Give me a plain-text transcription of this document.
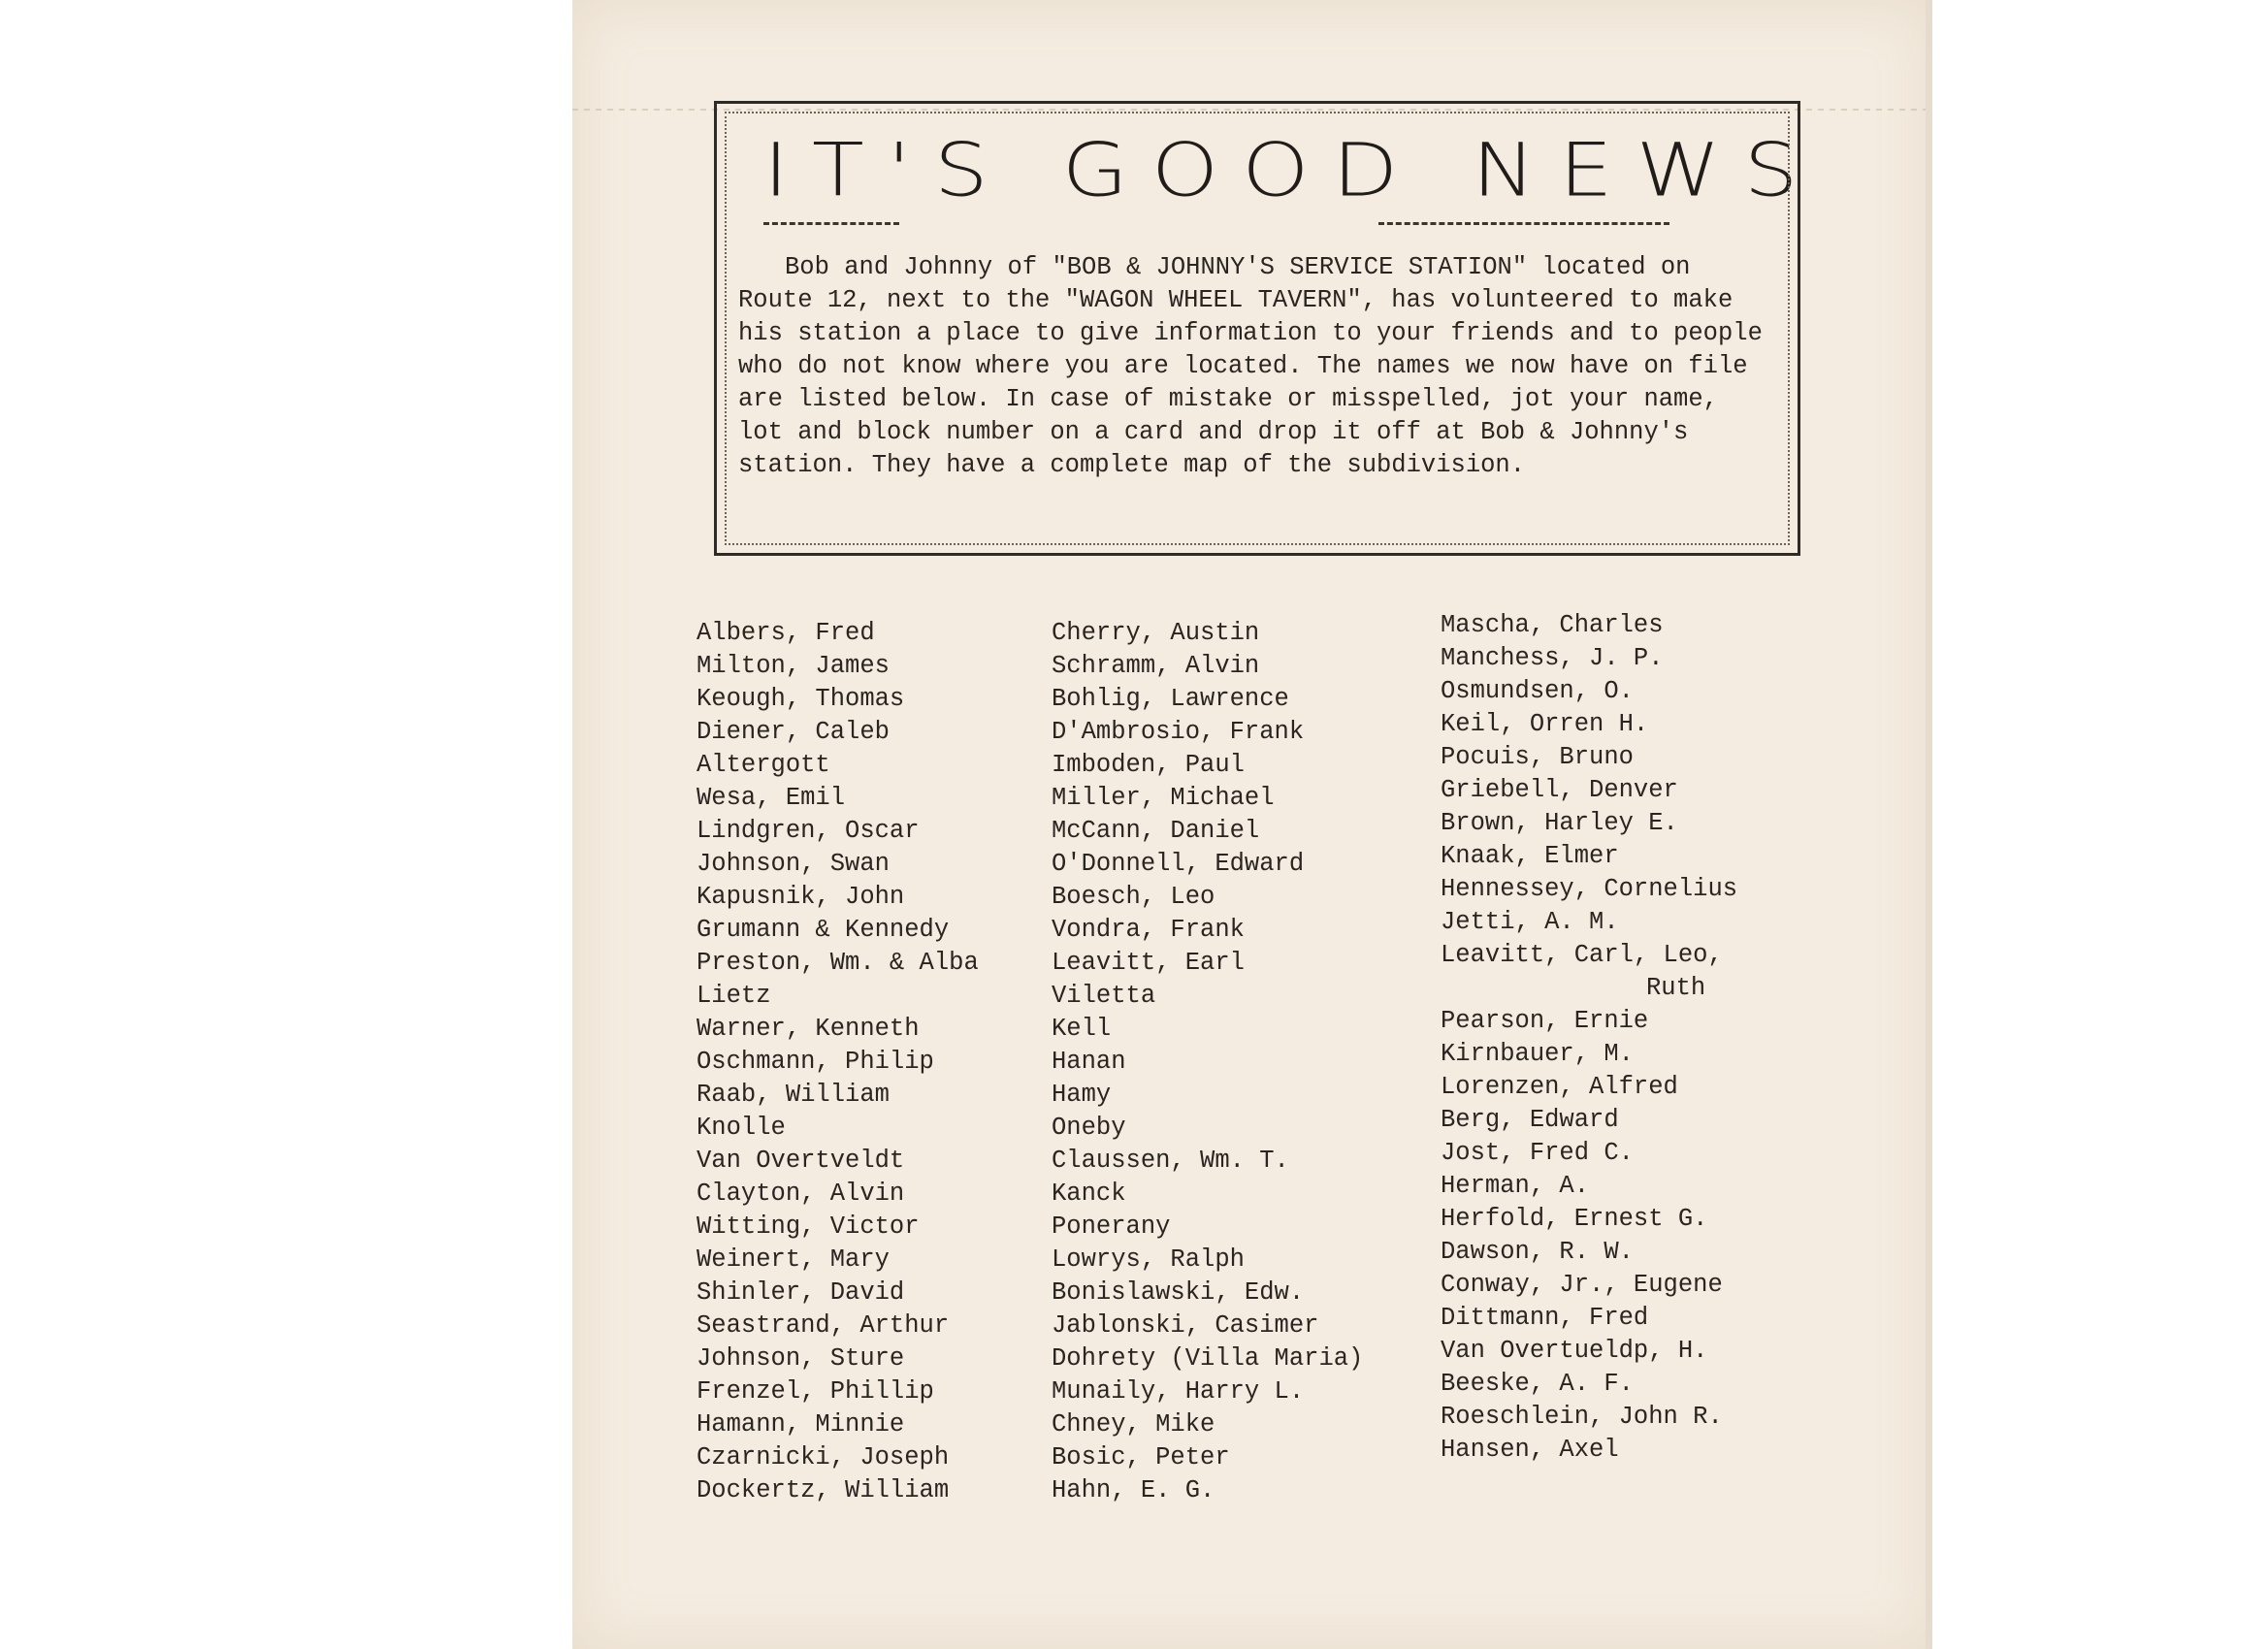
IT'S GOOD NEWS

Bob and Johnny of "BOB & JOHNNY'S SERVICE STATION" located on Route 12, next to the "WAGON WHEEL TAVERN", has volunteered to make his station a place to give information to your friends and to people who do not know where you are located. The names we now have on file are listed below. In case of mistake or misspelled, jot your name, lot and block number on a card and drop it off at Bob & Johnny's station. They have a complete map of the subdivision.

Albers, Fred
Milton, James
Keough, Thomas
Diener, Caleb
Altergott
Wesa, Emil
Lindgren, Oscar
Johnson, Swan
Kapusnik, John
Grumann & Kennedy
Preston, Wm. & Alba
Lietz
Warner, Kenneth
Oschmann, Philip
Raab, William
Knolle
Van Overtveldt
Clayton, Alvin
Witting, Victor
Weinert, Mary
Shinler, David
Seastrand, Arthur
Johnson, Sture
Frenzel, Phillip
Hamann, Minnie
Czarnicki, Joseph
Dockertz, William
Cherry, Austin
Schramm, Alvin
Bohlig, Lawrence
D'Ambrosio, Frank
Imboden, Paul
Miller, Michael
McCann, Daniel
O'Donnell, Edward
Boesch, Leo
Vondra, Frank
Leavitt, Earl
Viletta
Kell
Hanan
Hamy
Oneby
Claussen, Wm. T.
Kanck
Ponerany
Lowrys, Ralph
Bonislawski, Edw.
Jablonski, Casimer
Dohrety (Villa Maria)
Munaily, Harry L.
Chney, Mike
Bosic, Peter
Hahn, E. G.
Mascha, Charles
Manchess, J. P.
Osmundsen, O.
Keil, Orren H.
Pocuis, Bruno
Griebell, Denver
Brown, Harley E.
Knaak, Elmer
Hennessey, Cornelius
Jetti, A. M.
Leavitt, Carl, Leo,
Ruth
Pearson, Ernie
Kirnbauer, M.
Lorenzen, Alfred
Berg, Edward
Jost, Fred C.
Herman, A.
Herfold, Ernest G.
Dawson, R. W.
Conway, Jr., Eugene
Dittmann, Fred
Van Overtueldp, H.
Beeske, A. F.
Roeschlein, John R.
Hansen, Axel
